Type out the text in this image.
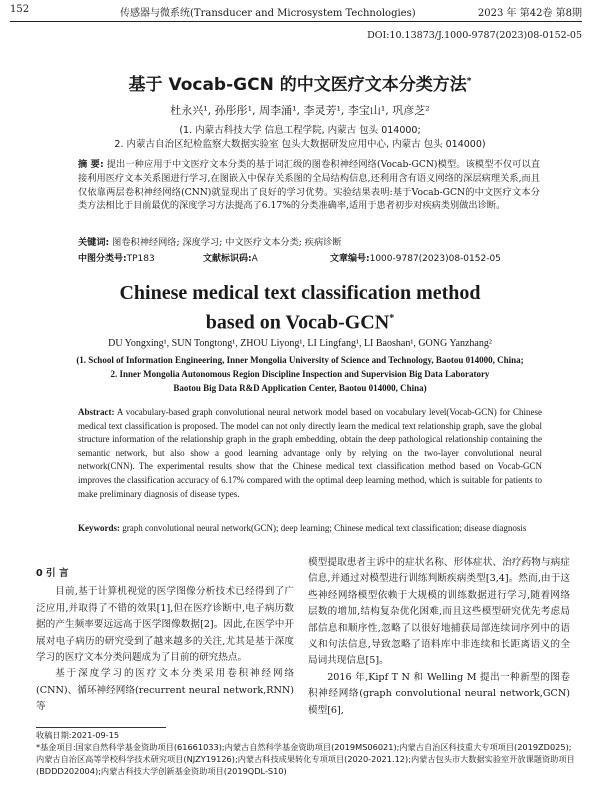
152	传感器与微系统(Transducer and Microsystem Technologies)	2023 年 第42卷 第8期
DOI:10.13873/J.1000-9787(2023)08-0152-05
基于 Vocab-GCN 的中文医疗文本分类方法*
杜永兴¹, 孙彤彤¹, 周李涌¹, 李灵芳¹, 李宝山¹, 巩彦芝²
(1. 内蒙古科技大学 信息工程学院, 内蒙古 包头 014000;
2. 内蒙古自治区纪检监察大数据实验室 包头大数据研发应用中心, 内蒙古 包头 014000)
摘 要: 提出一种应用于中文医疗文本分类的基于词汇级的图卷积神经网络(Vocab-GCN)模型。该模型不仅可以直接利用医疗文本关系图进行学习,在图嵌入中保存关系图的全局结构信息,还利用含有语义网络的深层病理关系,而且仅依靠两层卷积神经网络(CNN)就显现出了良好的学习优势。实验结果表明:基于Vocab-GCN的中文医疗文本分类方法相比于目前最优的深度学习方法提高了6.17%的分类准确率,适用于患者初步对疾病类别做出诊断。
关键词: 图卷积神经网络; 深度学习; 中文医疗文本分类; 疾病诊断
中图分类号:TP183	文献标识码:A	文章编号:1000-9787(2023)08-0152-05
Chinese medical text classification method
based on Vocab-GCN*
DU Yongxing¹, SUN Tongtong¹, ZHOU Liyong¹, LI Lingfang¹, LI Baoshan¹, GONG Yanzhang²
(1. School of Information Engineering, Inner Mongolia University of Science and Technology, Baotou 014000, China;
2. Inner Mongolia Autonomous Region Discipline Inspection and Supervision Big Data Laboratory
Baotou Big Data R&D Application Center, Baotou 014000, China)
Abstract: A vocabulary-based graph convolutional neural network model based on vocabulary level(Vocab-GCN) for Chinese medical text classification is proposed. The model can not only directly learn the medical text relationship graph, save the global structure information of the relationship graph in the graph embedding, obtain the deep pathological relationship containing the semantic network, but also show a good learning advantage only by relying on the two-layer convolutional neural network(CNN). The experimental results show that the Chinese medical text classification method based on Vocab-GCN improves the classification accuracy of 6.17% compared with the optimal deep learning method, which is suitable for patients to make preliminary diagnosis of disease types.
Keywords: graph convolutional neural network(GCN); deep learning; Chinese medical text classification; disease diagnosis
0 引 言

目前,基于计算机视觉的医学图像分析技术已经得到了广泛应用,并取得了不错的效果[1],但在医疗诊断中,电子病历数据的产生频率要远远高于医学图像数据[2]。因此,在医学中开展对电子病历的研究受到了越来越多的关注,尤其是基于深度学习的医疗文本分类问题成为了目前的研究热点。

基于深度学习的医疗文本分类采用卷积神经网络(CNN)、循环神经网络(recurrent neural network,RNN)等

模型提取患者主诉中的症状名称、形体症状、治疗药物与病症信息,并通过对模型进行训练判断疾病类型[3,4]。然而,由于这些神经网络模型依赖于大规模的训练数据进行学习,随着网络层数的增加,结构复杂优化困难,而且这些模型研究优先考虑局部信息和顺序性,忽略了以很好地捕获局部连续词序列中的语义和句法信息,导致忽略了语料库中非连续和长距离语义的全局词共现信息[5]。

2016 年,Kipf T N 和 Welling M 提出一种新型的图卷积神经网络(graph convolutional neural network,GCN)模型[6],

收稿日期:2021-09-15

*基金项目:国家自然科学基金资助项目(61661033);内蒙古自然科学基金资助项目(2019MS06021);内蒙古自治区科技重大专项项目(2019ZD025);内蒙古自治区高等学校科学技术研究项目(NJZY19126);内蒙古科技成果转化专项项目(2020-2021.12);内蒙古包头市大数据实验室开放课题资助项目(BDDD202004);内蒙古科技大学创新基金资助项目(2019QDL-S10)
